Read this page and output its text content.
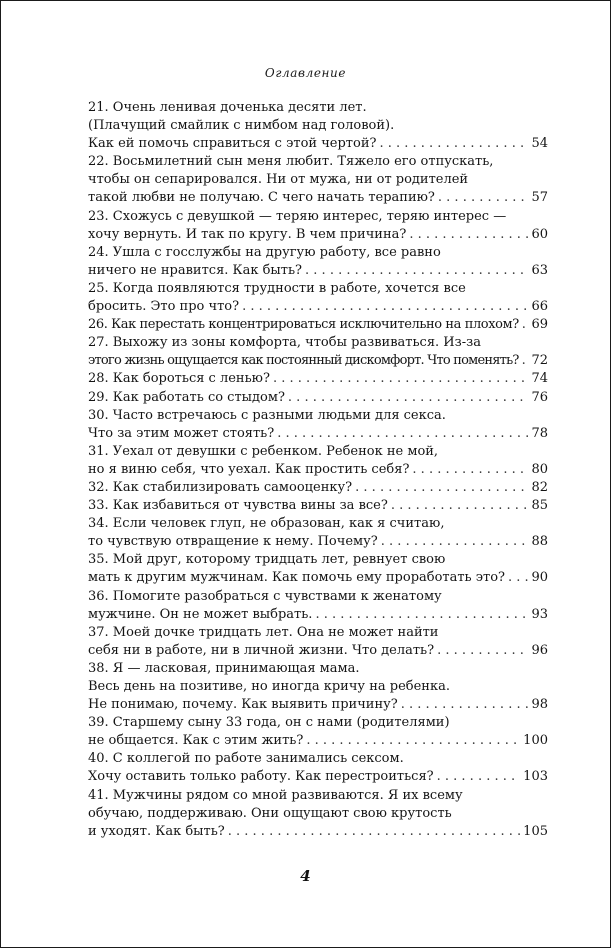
Оглавление
21. Очень ленивая доченька десяти лет.
(Плачущий смайлик с нимбом над головой).
Как ей помочь справиться с этой чертой? . . .	54
22. Восьмилетний сын меня любит. Тяжело его отпускать,
чтобы он сепарировался. Ни от мужа, ни от родителей
такой любви не получаю. С чего начать терапию? . . .	57
23. Схожусь с девушкой — теряю интерес, теряю интерес —
хочу вернуть. И так по кругу. В чем причина? . . .	60
24. Ушла с госслужбы на другую работу, все равно
ничего не нравится. Как быть? . . .	63
25. Когда появляются трудности в работе, хочется все
бросить. Это про что? . . .	66
26. Как перестать концентрироваться исключительно на плохом? . . . 69
27. Выхожу из зоны комфорта, чтобы развиваться. Из-за
этого жизнь ощущается как постоянный дискомфорт. Что поменять? . . . 72
28. Как бороться с ленью? . . .	74
29. Как работать со стыдом? . . .	76
30. Часто встречаюсь с разными людьми для секса.
Что за этим может стоять? . . .	78
31. Уехал от девушки с ребенком. Ребенок не мой,
но я виню себя, что уехал. Как простить себя? . . .	80
32. Как стабилизировать самооценку? . . .	82
33. Как избавиться от чувства вины за все? . . .	85
34. Если человек глуп, не образован, как я считаю,
то чувствую отвращение к нему. Почему? . . .	88
35. Мой друг, которому тридцать лет, ревнует свою
мать к другим мужчинам. Как помочь ему проработать это? . . . 90
36. Помогите разобраться с чувствами к женатому
мужчине. Он не может выбрать. . . .	93
37. Моей дочке тридцать лет. Она не может найти
себя ни в работе, ни в личной жизни. Что делать? . . .	96
38. Я — ласковая, принимающая мама.
Весь день на позитиве, но иногда кричу на ребенка.
Не понимаю, почему. Как выявить причину? . . .	98
39. Старшему сыну 33 года, он с нами (родителями)
не общается. Как с этим жить? . . .	100
40. С коллегой по работе занимались сексом.
Хочу оставить только работу. Как перестроиться? . . .	103
41. Мужчины рядом со мной развиваются. Я их всему
обучаю, поддерживаю. Они ощущают свою крутость
и уходят. Как быть? . . .	105
4
